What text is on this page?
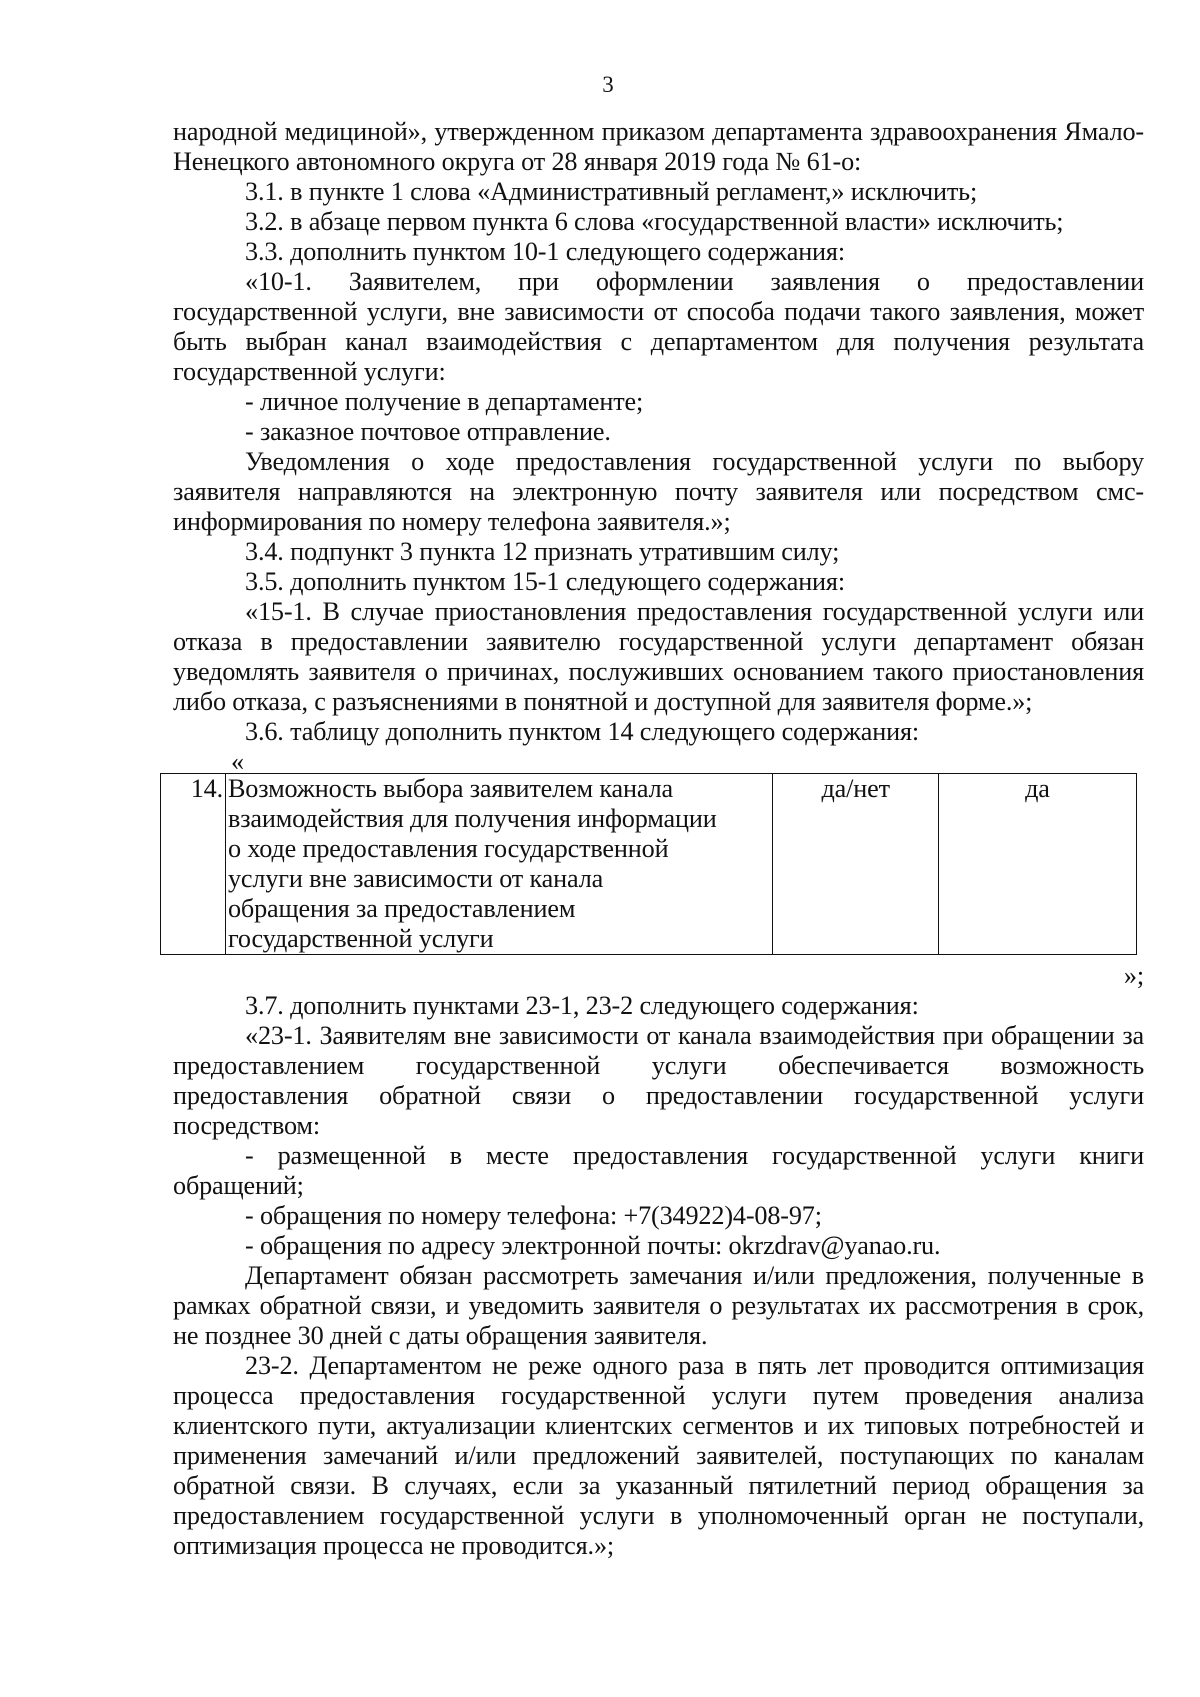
3

народной медициной», утвержденном приказом департамента здравоохранения Ямало-Ненецкого автономного округа от 28 января 2019 года № 61-о:

3.1. в пункте 1 слова «Административный регламент,» исключить;

3.2. в абзаце первом пункта 6 слова «государственной власти» исключить;

3.3. дополнить пунктом 10-1 следующего содержания:

«10-1. Заявителем, при оформлении заявления о предоставлении государственной услуги, вне зависимости от способа подачи такого заявления, может быть выбран канал взаимодействия с департаментом для получения результата государственной услуги:

- личное получение в департаменте;

- заказное почтовое отправление.

Уведомления о ходе предоставления государственной услуги по выбору заявителя направляются на электронную почту заявителя или посредством смс-информирования по номеру телефона заявителя.»;

3.4. подпункт 3 пункта 12 признать утратившим силу;

3.5. дополнить пунктом 15-1 следующего содержания:

«15-1. В случае приостановления предоставления государственной услуги или отказа в предоставлении заявителю государственной услуги департамент обязан уведомлять заявителя о причинах, послуживших основанием такого приостановления либо отказа, с разъяснениями в понятной и доступной для заявителя форме.»;

3.6. таблицу дополнить пунктом 14 следующего содержания:

«

14.	Возможность выбора заявителем канала
взаимодействия для получения информации
о ходе предоставления государственной
услуги вне зависимости от канала
обращения за предоставлением
государственной услуги
	да/нет	да

»;

3.7. дополнить пунктами 23-1, 23-2 следующего содержания:

«23-1. Заявителям вне зависимости от канала взаимодействия при обращении за предоставлением государственной услуги обеспечивается возможность предоставления обратной связи о предоставлении государственной услуги посредством:

- размещенной в месте предоставления государственной услуги книги обращений;

- обращения по номеру телефона: +7(34922)4-08-97;

- обращения по адресу электронной почты: okrzdrav@yanao.ru.

Департамент обязан рассмотреть замечания и/или предложения, полученные в рамках обратной связи, и уведомить заявителя о результатах их рассмотрения в срок, не позднее 30 дней с даты обращения заявителя.

23-2. Департаментом не реже одного раза в пять лет проводится оптимизация процесса предоставления государственной услуги путем проведения анализа клиентского пути, актуализации клиентских сегментов и их типовых потребностей и применения замечаний и/или предложений заявителей, поступающих по каналам обратной связи. В случаях, если за указанный пятилетний период обращения за предоставлением государственной услуги в уполномоченный орган не поступали, оптимизация процесса не проводится.»;
